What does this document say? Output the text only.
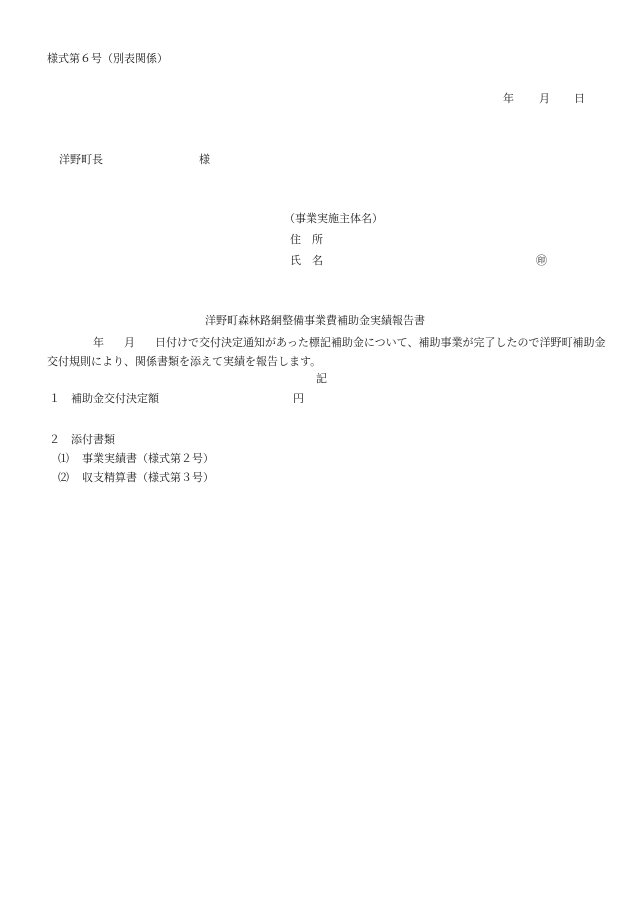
様式第６号（別表関係）
年 月 日
洋野町長	様
（事業実施主体名）
住 所
氏 名	㊞
洋野町森林路網整備事業費補助金実績報告書
年 月 日付けで交付決定通知があった標記補助金について、補助事業が完了したので洋野町補助金交付規則により、関係書類を添えて実績を報告します。
記
１ 補助金交付決定額	円
２ 添付書類
⑴ 事業実績書（様式第２号）
⑵ 収支精算書（様式第３号）
